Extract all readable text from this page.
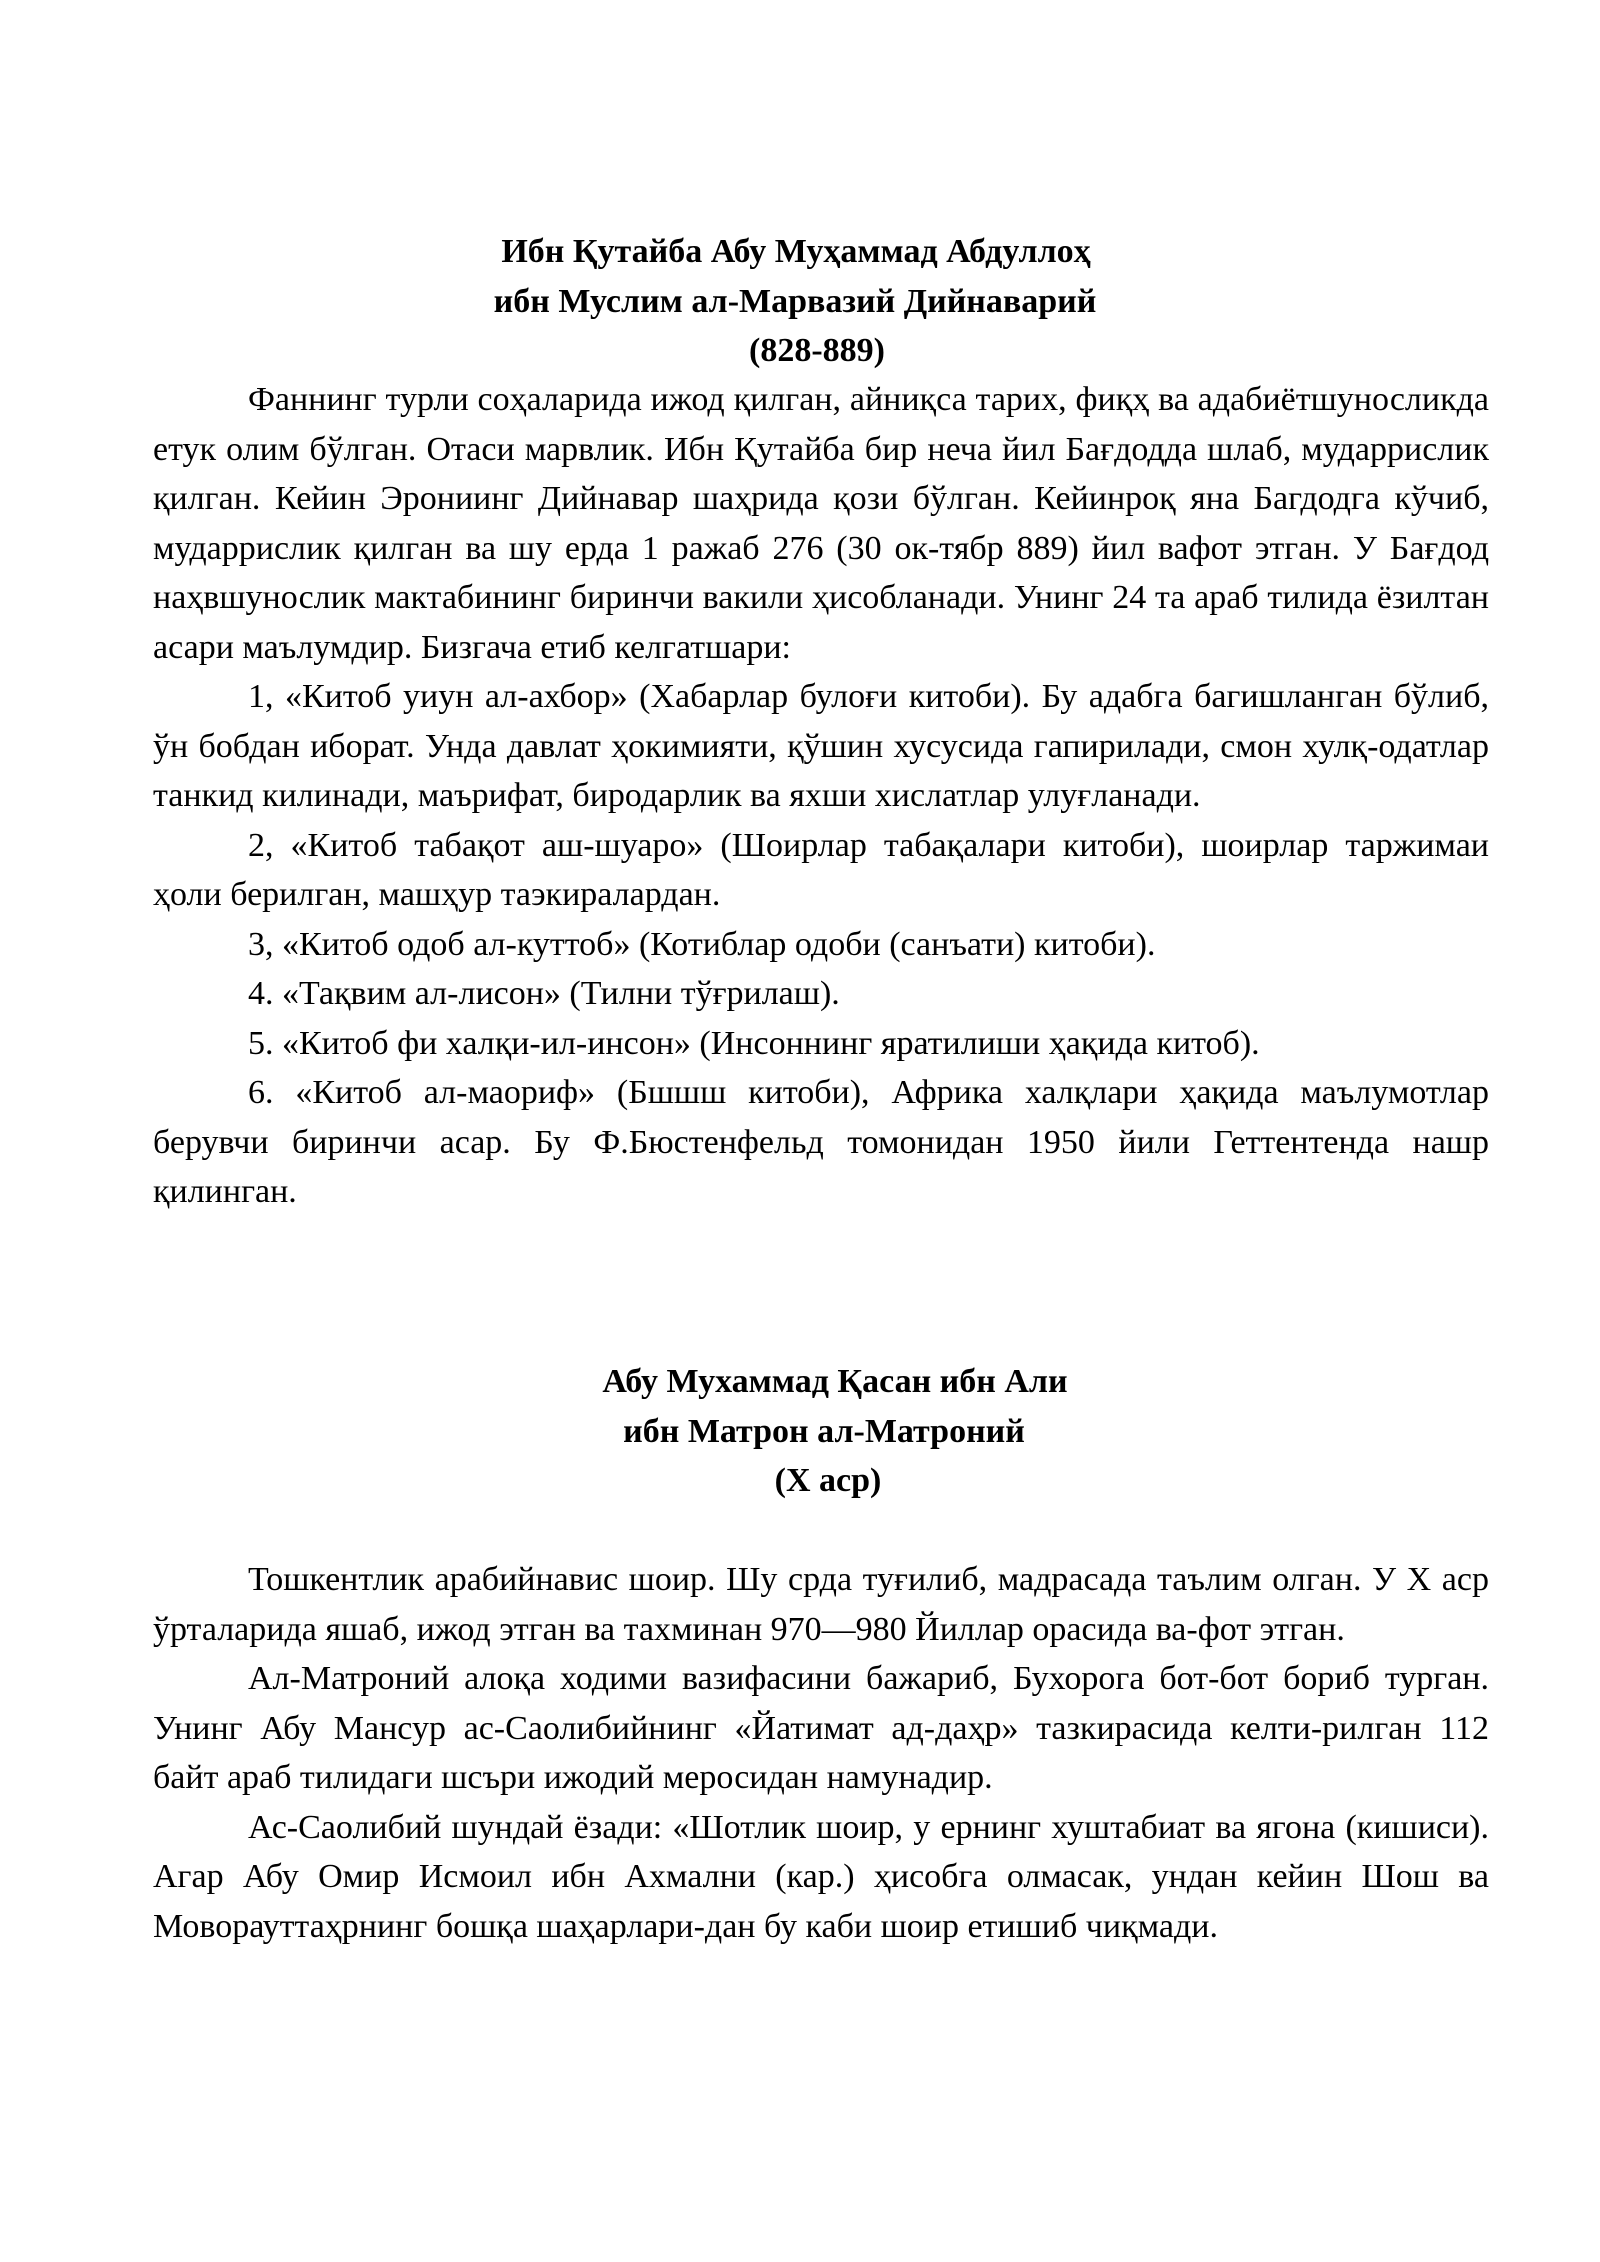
Ибн Қутайба Абу Муҳаммад Абдуллоҳ
ибн Муслим ал-Марвазий Дийнаварий
(828-889)

Фаннинг турли соҳаларида ижод қилган, айниқса тарих, фиқҳ ва адабиётшуносликда етук олим бўлган. Отаси марвлик. Ибн Қутайба бир неча йил Бағдодда шлаб, мударрислик қилган. Кейин Эрониинг Дийнавар шаҳрида қози бўлган. Кейинроқ яна Багдодга кўчиб, мударрислик қилган ва шу ерда 1 ражаб 276 (30 ок-тябр 889) йил вафот этган. У Бағдод наҳвшунослик мактабининг биринчи вакили ҳисобланади. Унинг 24 та араб тилида ёзилтан асари маълумдир. Бизгача етиб келгатшари:

1, «Китоб уиун ал-ахбор» (Хабарлар булоғи китоби). Бу адабга багишланган бўлиб, ўн бобдан иборат. Унда давлат ҳокимияти, қўшин хусусида гапирилади, смон хулқ-одатлар танкид килинади, маърифат, биродарлик ва яхши хислатлар улуғланади.

2, «Китоб табақот аш-шуаро» (Шоирлар табақалари китоби), шоирлар таржимаи ҳоли берилган, машҳур таэкиралардан.

3, «Китоб одоб ал-куттоб» (Котиблар одоби (санъати) китоби).

4. «Тақвим ал-лисон» (Тилни тўғрилаш).

5. «Китоб фи халқи-ил-инсон» (Инсоннинг яратилиши ҳақида китоб).

6. «Китоб ал-маориф» (Бшшш китоби), Африка халқлари ҳақида маълумотлар берувчи биринчи асар. Бу Ф.Бюстенфельд томонидан 1950 йили Геттентенда нашр қилинган.

Абу Мухаммад Қасан ибн Али
ибн Матрон ал-Матроний
(X аср)

Тошкентлик арабийнавис шоир. Шу срда туғилиб, мадрасада таълим олган. У X аср ўрталарида яшаб, ижод этган ва тахминан 970—980 Йиллар орасида ва-фот этган.

Ал-Матроний алоқа ходими вазифасини бажариб, Бухорога бот-бот бориб турган. Унинг Абу Мансур ас-Саолибийнинг «Йатимат ад-даҳр» тазкирасида келти-рилган 112 байт араб тилидаги шсъри ижодий меросидан намунадир.

Ас-Саолибий шундай ёзади: «Шотлик шоир, у ернинг хуштабиат ва ягона (кишиси). Агар Абу Омир Исмоил ибн Ахмални (кар.) ҳисобга олмасак, ундан кейин Шош ва Моворауттаҳрнинг бошқа шаҳарлари-дан бу каби шоир етишиб чиқмади.
